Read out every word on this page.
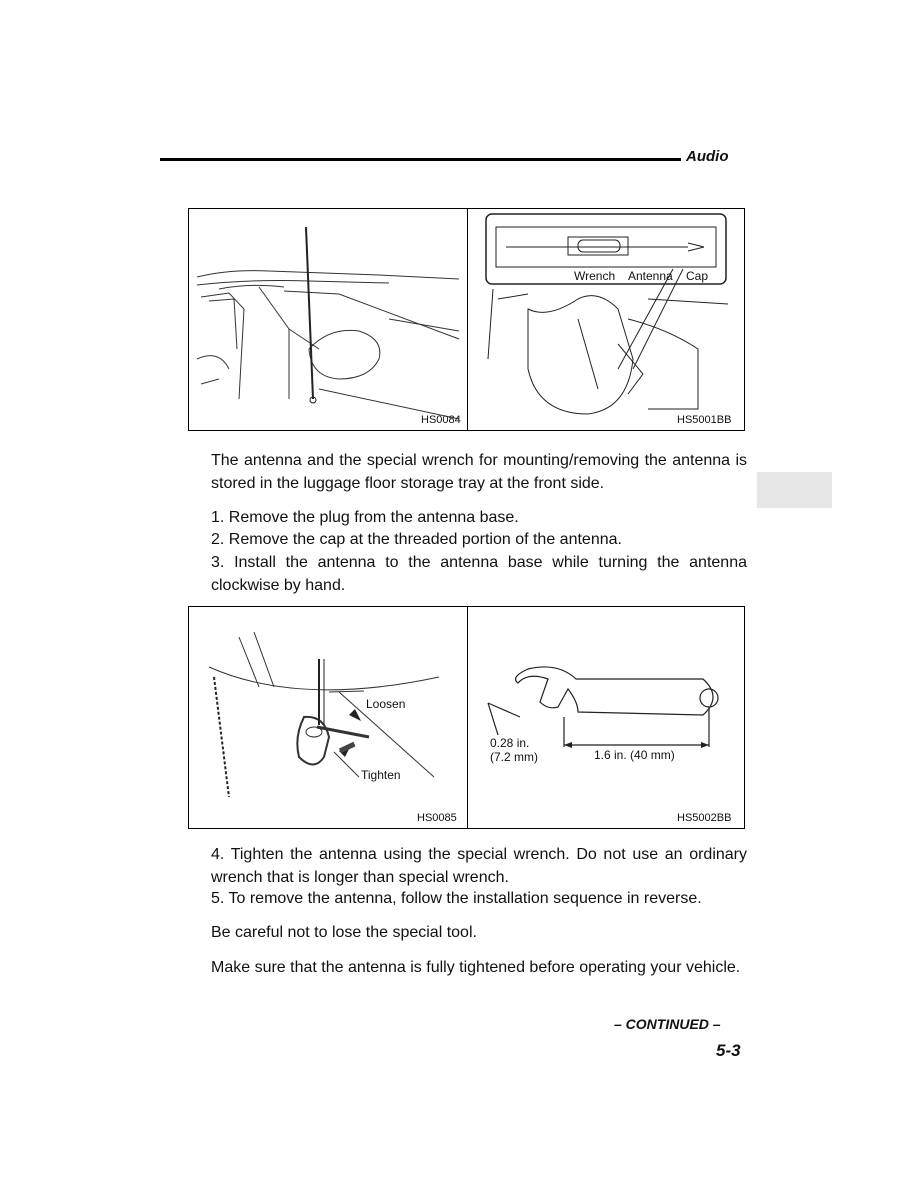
Audio
Wrench Antenna Cap
HS0084	HS5001BB

The antenna and the special wrench for mounting/removing the antenna is stored in the luggage floor storage tray at the front side.

1. Remove the plug from the antenna base.

2. Remove the cap at the threaded portion of the antenna.

3. Install the antenna to the antenna base while turning the antenna clockwise by hand.

Loosen
Tighten
0.28 in.
(7.2 mm)	1.6 in. (40 mm)
HS0085	HS5002BB

4. Tighten the antenna using the special wrench. Do not use an ordinary wrench that is longer than special wrench.

5. To remove the antenna, follow the installation sequence in reverse.

Be careful not to lose the special tool.

Make sure that the antenna is fully tightened before operating your vehicle.

– CONTINUED –
5-3
